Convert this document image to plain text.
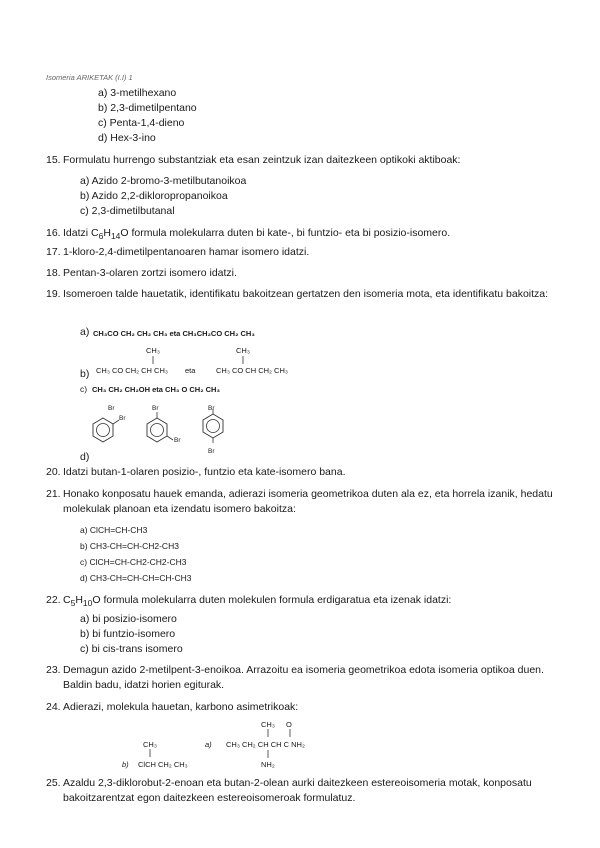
Isomeria ARIKETAK (I.I) 1
a) 3-metilhexano
b) 2,3-dimetilpentano
c) Penta-1,4-dieno
d) Hex-3-ino
15. Formulatu hurrengo substantziak eta esan zeintzuk izan daitezkeen optikoki aktiboak:
a) Azido 2-bromo-3-metilbutanoikoa
b) Azido 2,2-dikloropropanoikoa
c) 2,3-dimetilbutanal
16. Idatzi $C_6H_{14}O$ formula molekularra duten bi kate-, bi funtzio- eta bi posizio-isomero.
17. 1-kloro-2,4-dimetilpentanoaren hamar isomero idatzi.
18. Pentan-3-olaren zortzi isomero idatzi.
19. Isomeroen talde hauetatik, identifikatu bakoitzean gertatzen den isomeria mota, eta identifikatu bakoitza:
a) CH₃CO CH₂ CH₂ CH₃ eta CH₃CH₂CO CH₂ CH₃
CH₃	CH₃
b) CH₃ CO CH₂ CH CH₃ eta	CH₃ CO CH CH₂ CH₃
c) CH₃ CH₂ CH₂OH eta CH₃ O CH₂ CH₃
Br
Br	Br
Br
Br
Br
d)
20. Idatzi butan-1-olaren posizio-, funtzio eta kate-isomero bana.
21. Honako konposatu hauek emanda, adierazi isomeria geometrikoa duten ala ez, eta horrela izanik, hedatu molekulak planoan eta izendatu isomero bakoitza:
a) ClCH=CH-CH3
b) CH3-CH=CH-CH2-CH3
c) ClCH=CH-CH2-CH2-CH3
d) CH3-CH=CH-CH=CH-CH3
22. $C_5H_{10}O$ formula molekularra duten molekulen formula erdigaratua eta izenak idatzi:
a) bi posizio-isomero
b) bi funtzio-isomero
c) bi cis-trans isomero
23. Demagun azido 2-metilpent-3-enoikoa. Arrazoitu ea isomeria geometrikoa edota isomeria optikoa duen. Baldin badu, idatzi horien egiturak.
24. Adierazi, molekula hauetan, karbono asimetrikoak:
CH₃ O
CH₃	a) CH₃ CH₂ CH CH C NH₂
b) ClCH CH₂ CH₃	NH₂
25. Azaldu 2,3-diklorobut-2-enoan eta butan-2-olean aurki daitezkeen estereoisomeria motak, konposatu bakoitzarentzat egon daitezkeen estereoisomeroak formulatuz.
